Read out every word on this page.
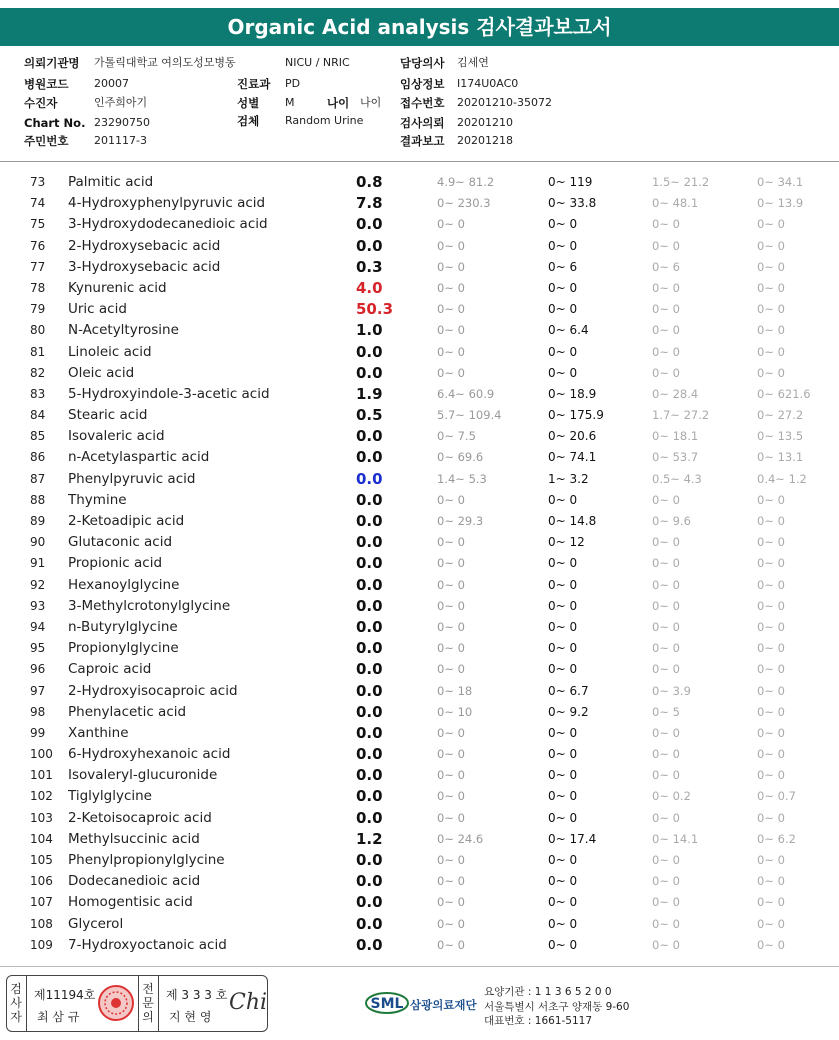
Organic Acid analysis 검사결과보고서
의뢰기관명 가톨릭대학교 여의도성모병동	NICU / NRIC	담당의사 김세연
병원코드 20007	진료과 PD	임상정보 I174U0AC0
수진자	인주희아기	성별 M	나이 나이 접수번호 20201210-35072
Chart No. 23290750	검체 Random Urine	검사의뢰 20201210
주민번호 201117-3	결과보고 20201218
73 Palmitic acid	0.8	4.9~ 81.2	0~ 119	1.5~ 21.2	0~ 34.1
74 4-Hydroxyphenylpyruvic acid	7.8	0~ 230.3	0~ 33.8	0~ 48.1	0~ 13.9
75 3-Hydroxydodecanedioic acid	0.0	0~ 0	0~ 0	0~ 0	0~ 0
76 2-Hydroxysebacic acid	0.0	0~ 0	0~ 0	0~ 0	0~ 0
77 3-Hydroxysebacic acid	0.3	0~ 0	0~ 6	0~ 6	0~ 0
78 Kynurenic acid	4.0	0~ 0	0~ 0	0~ 0	0~ 0
79 Uric acid	50.3	0~ 0	0~ 0	0~ 0	0~ 0
80 N-Acetyltyrosine	1.0	0~ 0	0~ 6.4	0~ 0	0~ 0
81 Linoleic acid	0.0	0~ 0	0~ 0	0~ 0	0~ 0
82 Oleic acid	0.0	0~ 0	0~ 0	0~ 0	0~ 0
83 5-Hydroxyindole-3-acetic acid	1.9	6.4~ 60.9	0~ 18.9	0~ 28.4	0~ 621.6
84 Stearic acid	0.5	5.7~ 109.4	0~ 175.9	1.7~ 27.2	0~ 27.2
85 Isovaleric acid	0.0	0~ 7.5	0~ 20.6	0~ 18.1	0~ 13.5
86 n-Acetylaspartic acid	0.0	0~ 69.6	0~ 74.1	0~ 53.7	0~ 13.1
87 Phenylpyruvic acid	0.0	1.4~ 5.3	1~ 3.2	0.5~ 4.3	0.4~ 1.2
88 Thymine	0.0	0~ 0	0~ 0	0~ 0	0~ 0
89 2-Ketoadipic acid	0.0	0~ 29.3	0~ 14.8	0~ 9.6	0~ 0
90 Glutaconic acid	0.0	0~ 0	0~ 12	0~ 0	0~ 0
91 Propionic acid	0.0	0~ 0	0~ 0	0~ 0	0~ 0
92 Hexanoylglycine	0.0	0~ 0	0~ 0	0~ 0	0~ 0
93 3-Methylcrotonylglycine	0.0	0~ 0	0~ 0	0~ 0	0~ 0
94 n-Butyrylglycine	0.0	0~ 0	0~ 0	0~ 0	0~ 0
95 Propionylglycine	0.0	0~ 0	0~ 0	0~ 0	0~ 0
96 Caproic acid	0.0	0~ 0	0~ 0	0~ 0	0~ 0
97 2-Hydroxyisocaproic acid	0.0	0~ 18	0~ 6.7	0~ 3.9	0~ 0
98 Phenylacetic acid	0.0	0~ 10	0~ 9.2	0~ 5	0~ 0
99 Xanthine	0.0	0~ 0	0~ 0	0~ 0	0~ 0
100 6-Hydroxyhexanoic acid	0.0	0~ 0	0~ 0	0~ 0	0~ 0
101 Isovaleryl-glucuronide	0.0	0~ 0	0~ 0	0~ 0	0~ 0
102 Tiglylglycine	0.0	0~ 0	0~ 0	0~ 0.2	0~ 0.7
103 2-Ketoisocaproic acid	0.0	0~ 0	0~ 0	0~ 0	0~ 0
104 Methylsuccinic acid	1.2	0~ 24.6	0~ 17.4	0~ 14.1	0~ 6.2
105 Phenylpropionylglycine	0.0	0~ 0	0~ 0	0~ 0	0~ 0
106 Dodecanedioic acid	0.0	0~ 0	0~ 0	0~ 0	0~ 0
107 Homogentisic acid	0.0	0~ 0	0~ 0	0~ 0	0~ 0
108 Glycerol	0.0	0~ 0	0~ 0	0~ 0	0~ 0
109 7-Hydroxyoctanoic acid	0.0	0~ 0	0~ 0	0~ 0	0~ 0
검
사
자
제11194호
최 삼 규
전
문
의
제 3 3 3 호
지 현 영
Chi	SML 삼광의료재단
요양기관 : 1 1 3 6 5 2 0 0
서울특별시 서초구 양재동 9-60
대표번호 : 1661-5117
